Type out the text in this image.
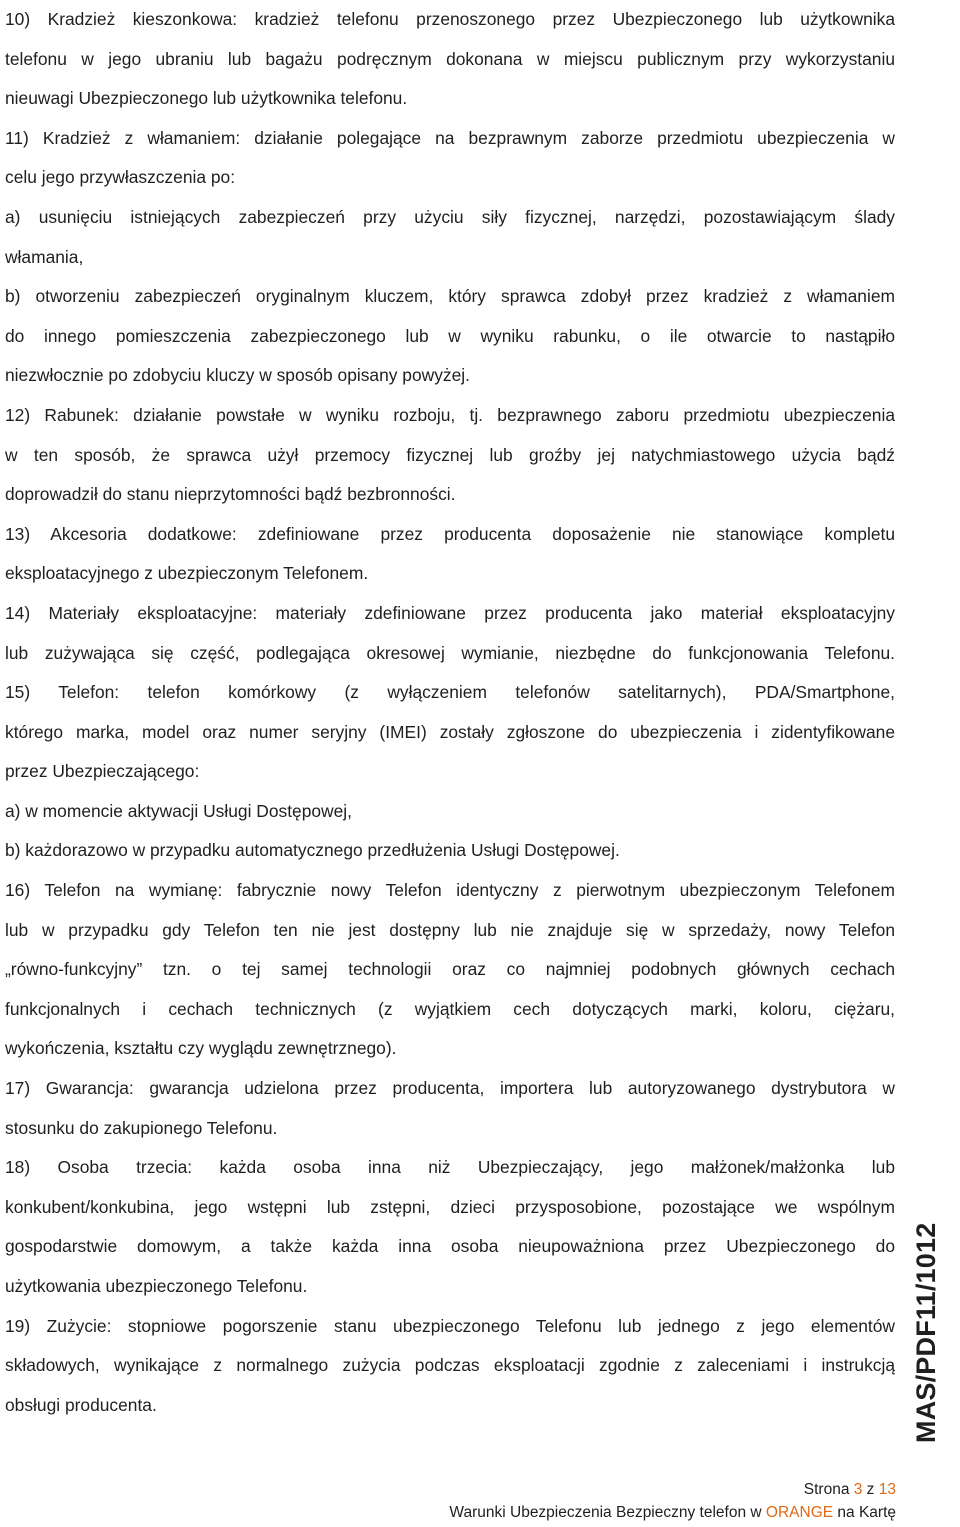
10) Kradzież kieszonkowa: kradzież telefonu przenoszonego przez Ubezpieczonego lub użytkownika
telefonu w jego ubraniu lub bagażu podręcznym dokonana w miejscu publicznym przy wykorzystaniu
nieuwagi Ubezpieczonego lub użytkownika telefonu.
11) Kradzież z włamaniem: działanie polegające na bezprawnym zaborze przedmiotu ubezpieczenia w
celu jego przywłaszczenia po:
a) usunięciu istniejących zabezpieczeń przy użyciu siły fizycznej, narzędzi, pozostawiającym ślady
włamania,
b) otworzeniu zabezpieczeń oryginalnym kluczem, który sprawca zdobył przez kradzież z włamaniem
do innego pomieszczenia zabezpieczonego lub w wyniku rabunku, o ile otwarcie to nastąpiło
niezwłocznie po zdobyciu kluczy w sposób opisany powyżej.
12) Rabunek: działanie powstałe w wyniku rozboju, tj. bezprawnego zaboru przedmiotu ubezpieczenia
w ten sposób, że sprawca użył przemocy fizycznej lub groźby jej natychmiastowego użycia bądź
doprowadził do stanu nieprzytomności bądź bezbronności.
13) Akcesoria dodatkowe: zdefiniowane przez producenta doposażenie nie stanowiące kompletu
eksploatacyjnego z ubezpieczonym Telefonem.
14) Materiały eksploatacyjne: materiały zdefiniowane przez producenta jako materiał eksploatacyjny
lub zużywająca się część, podlegająca okresowej wymianie, niezbędne do funkcjonowania Telefonu.
15) Telefon: telefon komórkowy (z wyłączeniem telefonów satelitarnych), PDA/Smartphone,
którego marka, model oraz numer seryjny (IMEI) zostały zgłoszone do ubezpieczenia i zidentyfikowane
przez Ubezpieczającego:
a) w momencie aktywacji Usługi Dostępowej,
b) każdorazowo w przypadku automatycznego przedłużenia Usługi Dostępowej.
16) Telefon na wymianę: fabrycznie nowy Telefon identyczny z pierwotnym ubezpieczonym Telefonem
lub w przypadku gdy Telefon ten nie jest dostępny lub nie znajduje się w sprzedaży, nowy Telefon
„równo-funkcyjny” tzn. o tej samej technologii oraz co najmniej podobnych głównych cechach
funkcjonalnych i cechach technicznych (z wyjątkiem cech dotyczących marki, koloru, ciężaru,
wykończenia, kształtu czy wyglądu zewnętrznego).
17) Gwarancja: gwarancja udzielona przez producenta, importera lub autoryzowanego dystrybutora w
stosunku do zakupionego Telefonu.
18) Osoba trzecia: każda osoba inna niż Ubezpieczający, jego małżonek/małżonka lub
konkubent/konkubina, jego wstępni lub zstępni, dzieci przysposobione, pozostające we wspólnym
gospodarstwie domowym, a także każda inna osoba nieupoważniona przez Ubezpieczonego do
użytkowania ubezpieczonego Telefonu.
19) Zużycie: stopniowe pogorszenie stanu ubezpieczonego Telefonu lub jednego z jego elementów
składowych, wynikające z normalnego zużycia podczas eksploatacji zgodnie z zaleceniami i instrukcją
obsługi producenta.	MAS/PDF11/1012
Strona 3 z 13
Warunki Ubezpieczenia Bezpieczny telefon w ORANGE na Kartę
